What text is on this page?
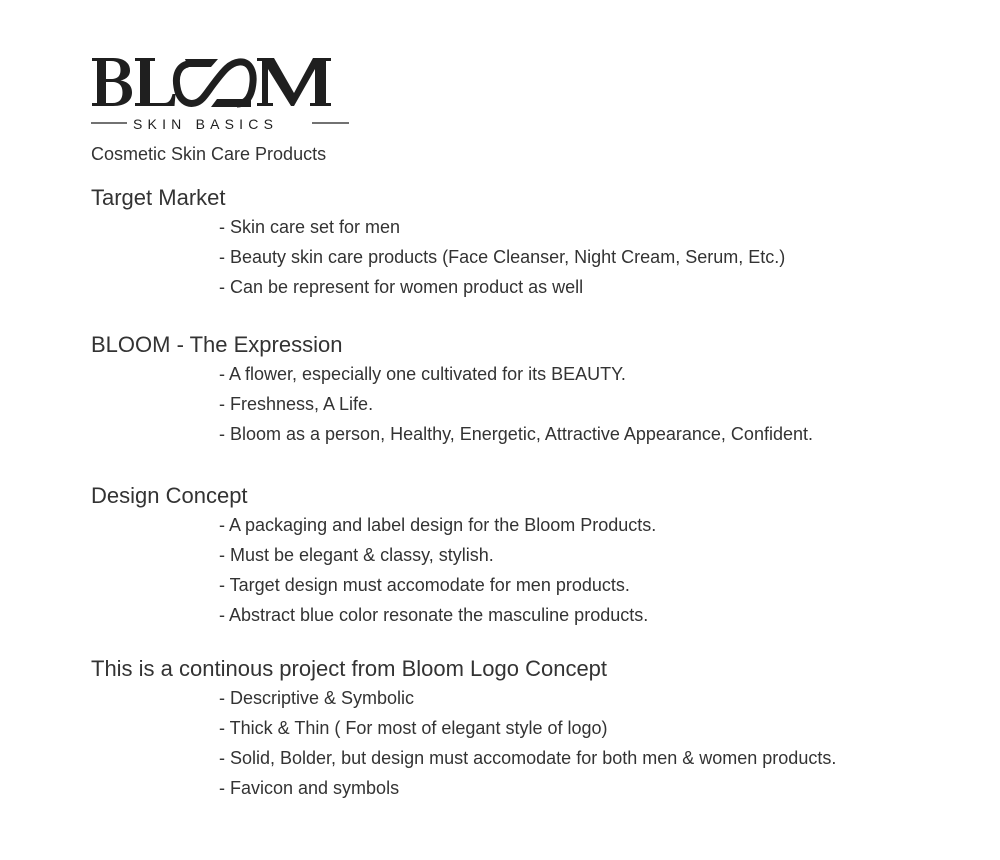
SKIN BASICS
Cosmetic Skin Care Products
Target Market
- Skin care set for men
- Beauty skin care products (Face Cleanser, Night Cream, Serum, Etc.)
- Can be represent for women product as well
BLOOM - The Expression
- A flower, especially one cultivated for its BEAUTY.
- Freshness, A Life.
- Bloom as a person, Healthy, Energetic, Attractive Appearance, Confident.
Design Concept
- A packaging and label design for the Bloom Products.
- Must be elegant & classy, stylish.
- Target design must accomodate for men products.
- Abstract blue color resonate the masculine products.
This is a continous project from Bloom Logo Concept
- Descriptive & Symbolic
- Thick & Thin ( For most of elegant style of logo)
- Solid, Bolder, but design must accomodate for both men & women products.
- Favicon and symbols
